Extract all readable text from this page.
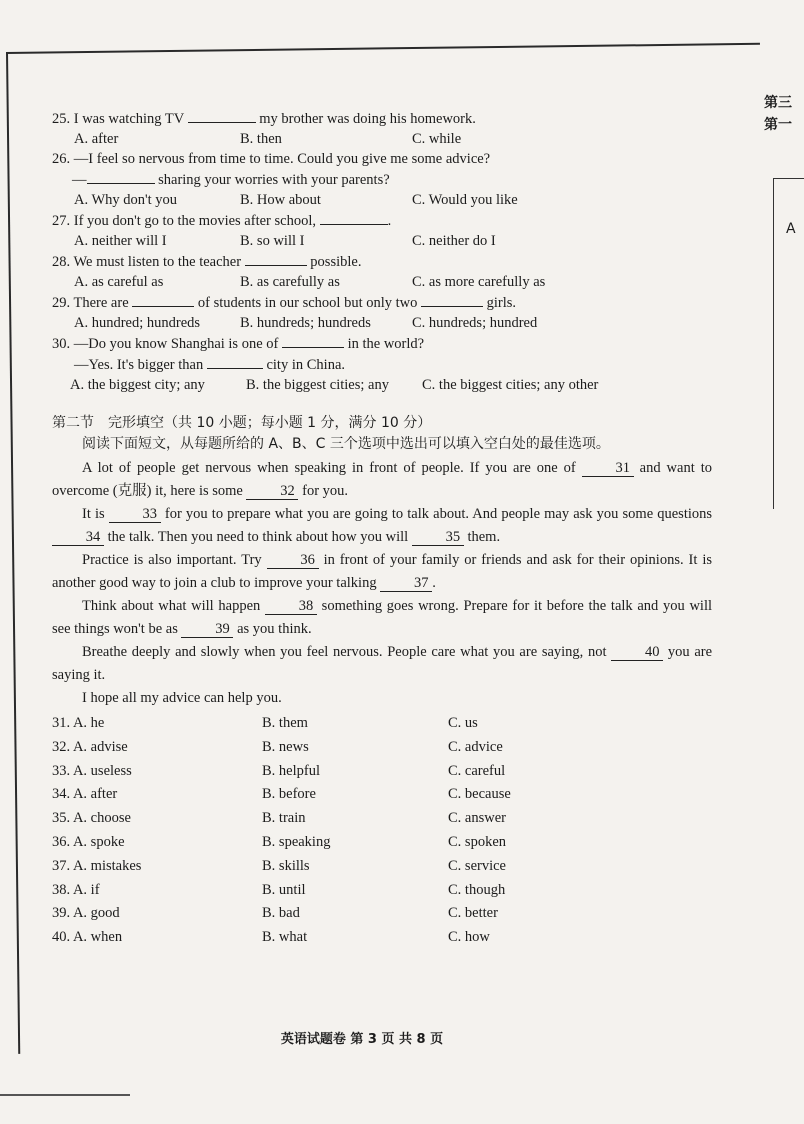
第三
第一
A
25. I was watching TV	my brother was doing his homework.
A. after	B. then	C. while
26. —I feel so nervous from time to time. Could you give me some advice?
—	sharing your worries with your parents?
A. Why don't you	B. How about	C. Would you like
27. If you don't go to the movies after school,	.
A. neither will I	B. so will I	C. neither do I
28. We must listen to the teacher	possible.
A. as careful as	B. as carefully as	C. as more carefully as
29. There are	of students in our school but only two	girls.
A. hundred; hundreds	B. hundreds; hundreds	C. hundreds; hundred
30. —Do you know Shanghai is one of	in the world?
—Yes. It's bigger than	city in China.
A. the biggest city; any	B. the biggest cities; any	C. the biggest cities; any other
第二节　完形填空（共 10 小题；每小题 1 分，满分 10 分）
阅读下面短文，从每题所给的 A、B、C 三个选项中选出可以填入空白处的最佳选项。
A lot of people get nervous when speaking in front of people. If you are one of	31 and want to overcome (克服) it, here is some	32 for you.
It is	33 for you to prepare what you are going to talk about. And people may ask you some questions 34 the talk. Then you need to think about how you will	35 them.
Practice is also important. Try	36 in front of your family or friends and ask for their opinions. It is another good way to join a club to improve your talking	37 .
Think about what will happen	38 something goes wrong. Prepare for it before the talk and you will see things won't be as	39 as you think.
Breathe deeply and slowly when you feel nervous. People care what you are saying, not	40 you are saying it.
I hope all my advice can help you.
31. A. he	B. them	C. us
32. A. advise	B. news	C. advice
33. A. useless	B. helpful	C. careful
34. A. after	B. before	C. because
35. A. choose	B. train	C. answer
36. A. spoke	B. speaking	C. spoken
37. A. mistakes	B. skills	C. service
38. A. if	B. until	C. though
39. A. good	B. bad	C. better
40. A. when	B. what	C. how
英语试题卷 第 3 页 共 8 页
